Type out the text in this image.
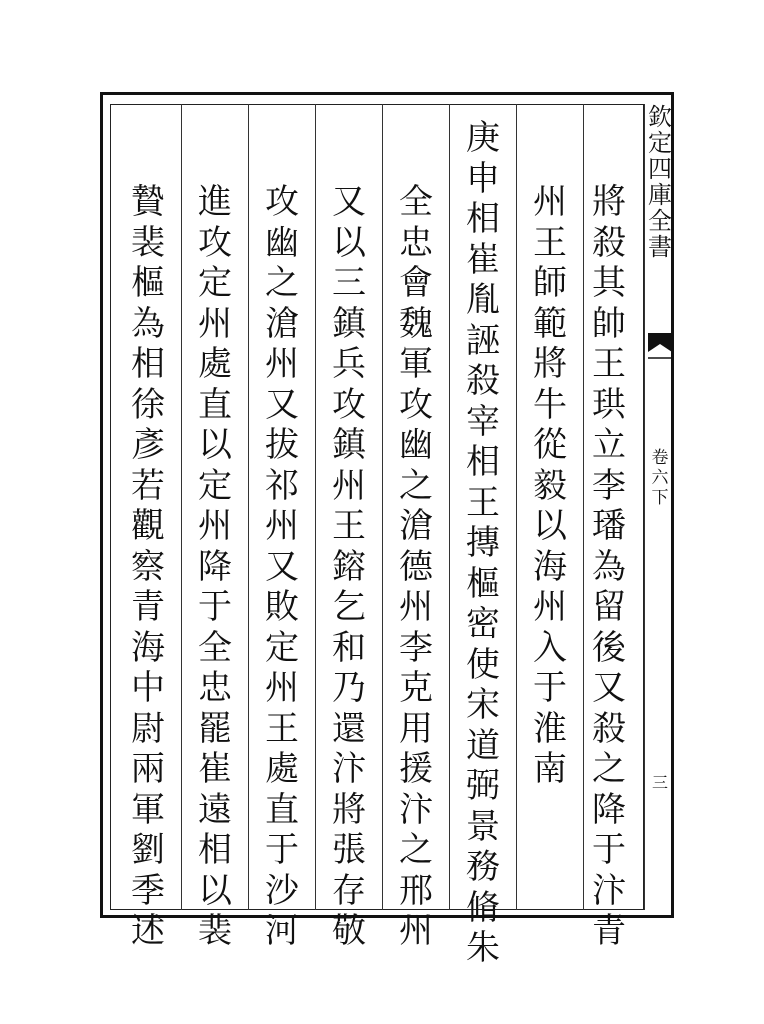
欽
定
四
庫
全
書
卷
六
下
三
將
殺
其
帥
王
珙
立
李
璠
為
留
後
又
殺
之
降
于
汴
青
州
王
師
範
將
牛
從
毅
以
海
州
入
于
淮
南
庚
申
相
崔
胤
誣
殺
宰
相
王
摶
樞
密
使
宋
道
弼
景
務
脩
朱
全
忠
會
魏
軍
攻
幽
之
滄
德
州
李
克
用
援
汴
之
邢
州
又
以
三
鎮
兵
攻
鎮
州
王
鎔
乞
和
乃
還
汴
將
張
存
敬
攻
幽
之
滄
州
又
拔
祁
州
又
敗
定
州
王
處
直
于
沙
河
進
攻
定
州
處
直
以
定
州
降
于
全
忠
罷
崔
遠
相
以
裴
贄
裴
樞
為
相
徐
彥
若
觀
察
青
海
中
尉
兩
軍
劉
季
述
